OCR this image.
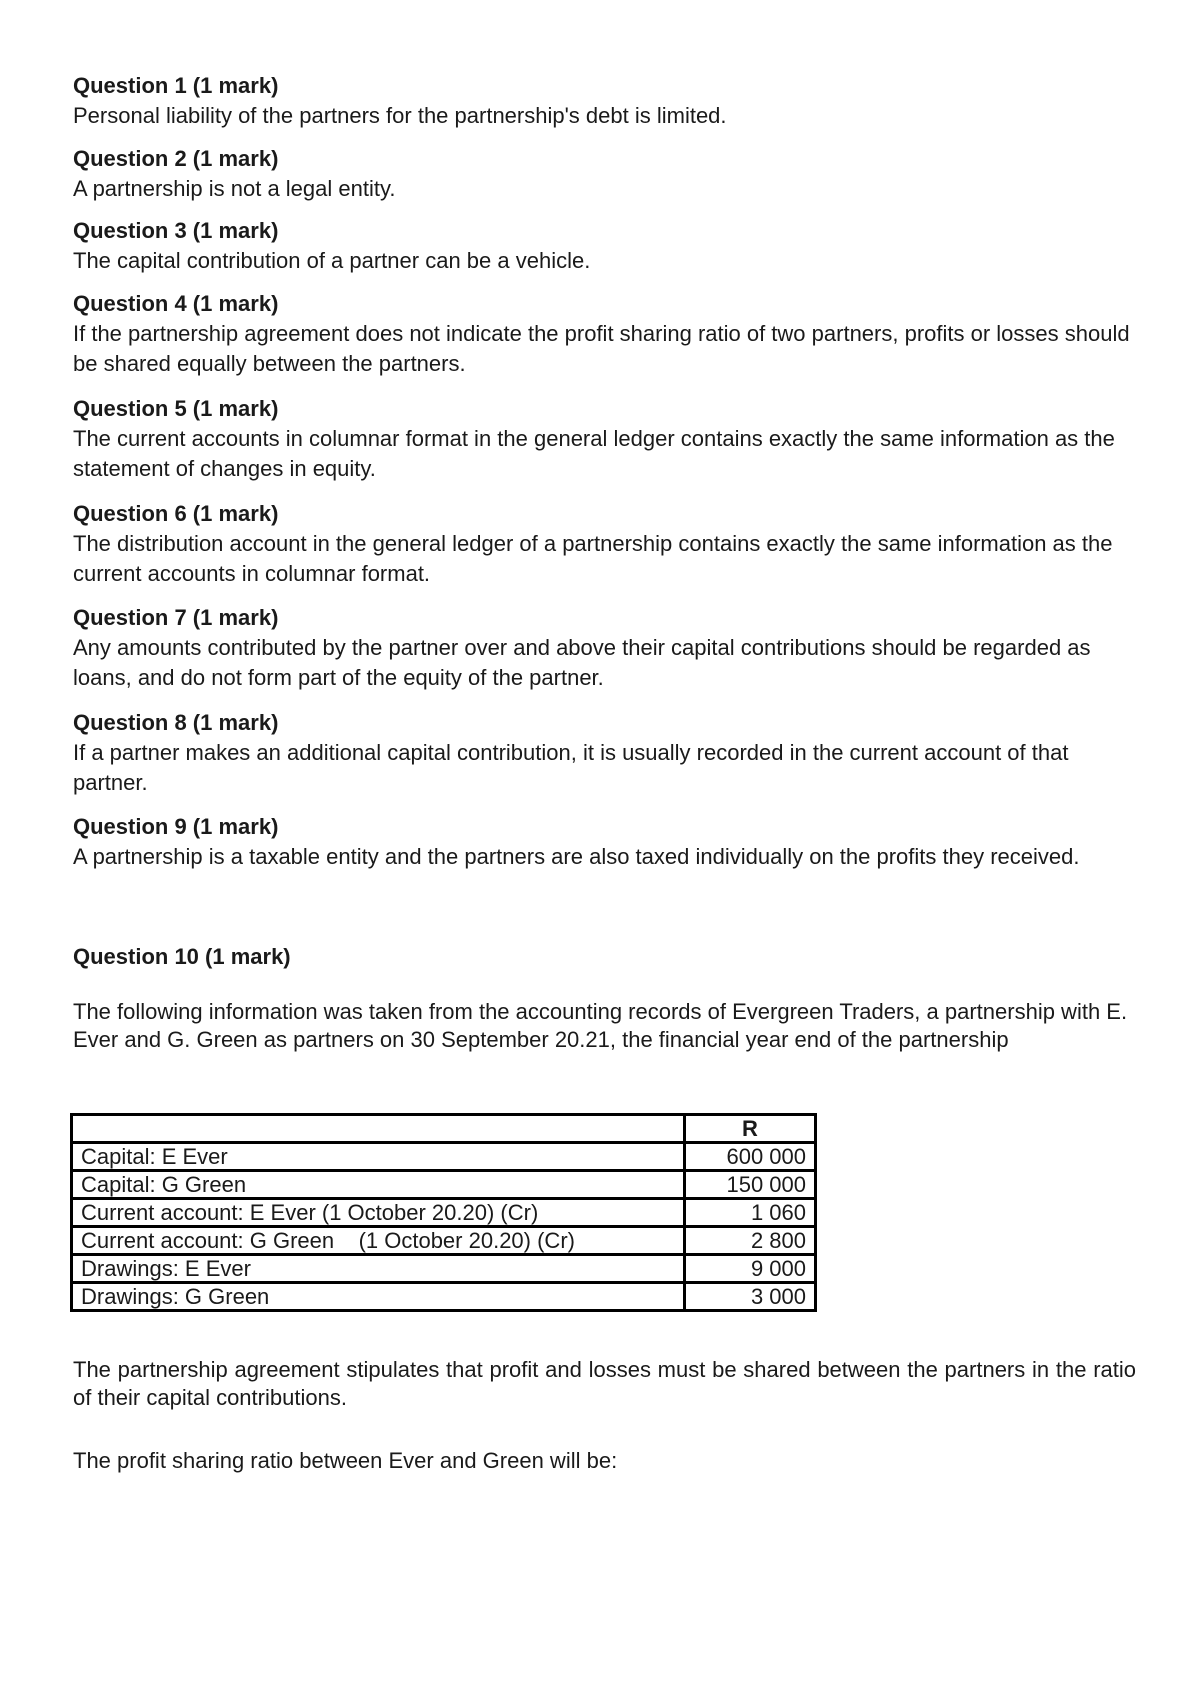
Question 1 (1 mark)
Personal liability of the partners for the partnership's debt is limited.
Question 2 (1 mark)
A partnership is not a legal entity.
Question 3 (1 mark)
The capital contribution of a partner can be a vehicle.
Question 4 (1 mark)
If the partnership agreement does not indicate the profit sharing ratio of two partners, profits or losses should be shared equally between the partners.
Question 5 (1 mark)
The current accounts in columnar format in the general ledger contains exactly the same information as the statement of changes in equity.
Question 6 (1 mark)
The distribution account in the general ledger of a partnership contains exactly the same information as the current accounts in columnar format.
Question 7 (1 mark)
Any amounts contributed by the partner over and above their capital contributions should be regarded as loans, and do not form part of the equity of the partner.
Question 8 (1 mark)
If a partner makes an additional capital contribution, it is usually recorded in the current account of that partner.
Question 9 (1 mark)
A partnership is a taxable entity and the partners are also taxed individually on the profits they received.
Question 10 (1 mark)
The following information was taken from the accounting records of Evergreen Traders, a partnership with E. Ever and G. Green as partners on 30 September 20.21, the financial year end of the partnership
	R
Capital: E Ever	600 000
Capital: G Green	150 000
Current account: E Ever (1 October 20.20) (Cr)	1 060
Current account: G Green    (1 October 20.20) (Cr)	2 800
Drawings: E Ever	9 000
Drawings: G Green	3 000
The partnership agreement stipulates that profit and losses must be shared between the partners in the ratio of their capital contributions.
The profit sharing ratio between Ever and Green will be:
